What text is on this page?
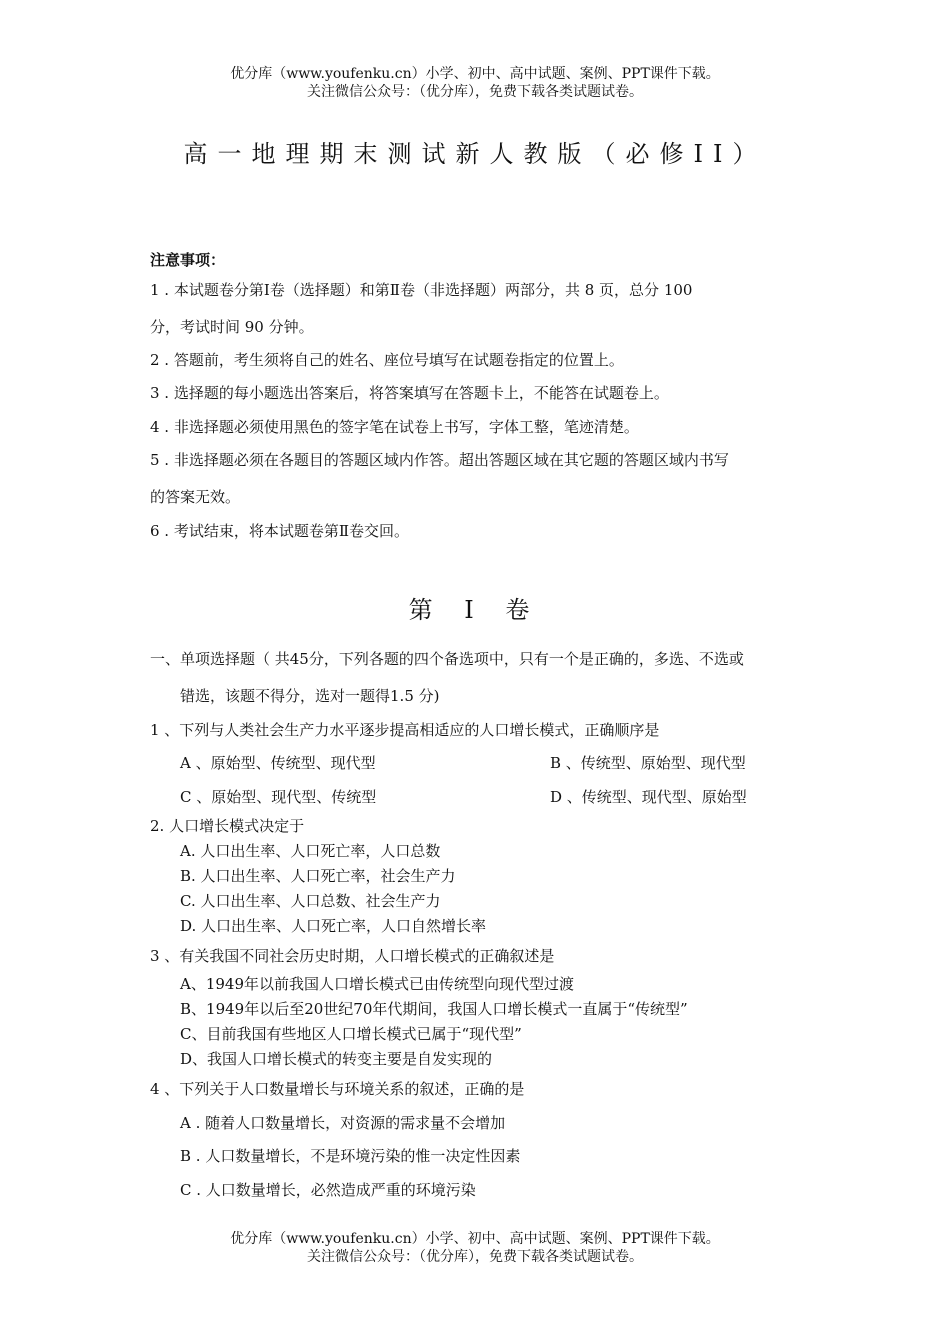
优分库（www.youfenku.cn）小学、初中、高中试题、案例、PPT课件下载。
关注微信公众号：（优分库），免费下载各类试题试卷。
高一地理期末测试新人教版（必修II）
注意事项：
1 . 本试题卷分第Ⅰ卷（选择题）和第Ⅱ卷（非选择题）两部分，共 8 页，总分 100
分，考试时间 90 分钟。
2 . 答题前，考生须将自己的姓名、座位号填写在试题卷指定的位置上。
3 . 选择题的每小题选出答案后，将答案填写在答题卡上，不能答在试题卷上。
4 . 非选择题必须使用黑色的签字笔在试卷上书写，字体工整，笔迹清楚。
5 . 非选择题必须在各题目的答题区域内作答。超出答题区域在其它题的答题区域内书写
的答案无效。
6 . 考试结束，将本试题卷第Ⅱ卷交回。
第 Ⅰ 卷
一、单项选择题（ 共45分，下列各题的四个备选项中，只有一个是正确的，多选、不选或
错选，该题不得分，选对一题得1.5 分)
1 、下列与人类社会生产力水平逐步提高相适应的人口增长模式，正确顺序是
A 、原始型、传统型、现代型	B 、传统型、原始型、现代型
C 、原始型、现代型、传统型	D 、传统型、现代型、原始型
2. 人口增长模式决定于
A. 人口出生率、人口死亡率，人口总数
B. 人口出生率、人口死亡率，社会生产力
C. 人口出生率、人口总数、社会生产力
D. 人口出生率、人口死亡率，人口自然增长率
3 、有关我国不同社会历史时期，人口增长模式的正确叙述是
A、1949年以前我国人口增长模式已由传统型向现代型过渡
B、1949年以后至20世纪70年代期间，我国人口增长模式一直属于“传统型”
C、目前我国有些地区人口增长模式已属于“现代型”
D、我国人口增长模式的转变主要是自发实现的
4 、下列关于人口数量增长与环境关系的叙述，正确的是
A . 随着人口数量增长，对资源的需求量不会增加
B . 人口数量增长，不是环境污染的惟一决定性因素
C . 人口数量增长，必然造成严重的环境污染
优分库（www.youfenku.cn）小学、初中、高中试题、案例、PPT课件下载。
关注微信公众号：（优分库），免费下载各类试题试卷。
